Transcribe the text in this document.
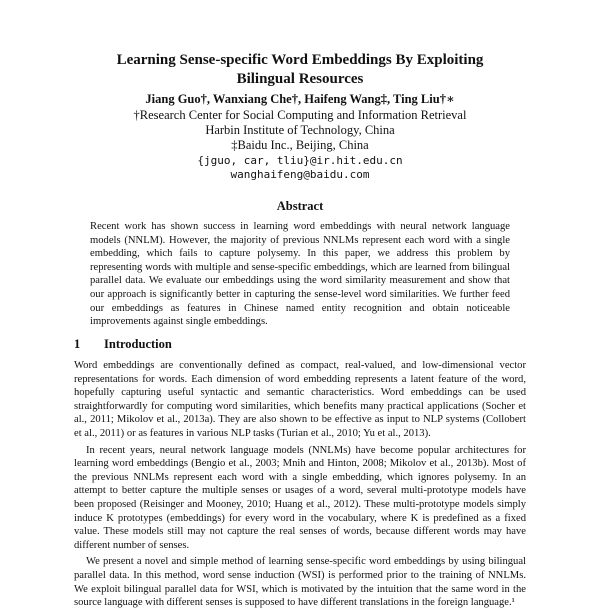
Learning Sense-specific Word Embeddings By Exploiting
Bilingual Resources
Jiang Guo†, Wanxiang Che†, Haifeng Wang‡, Ting Liu†∗
†Research Center for Social Computing and Information Retrieval
Harbin Institute of Technology, China
‡Baidu Inc., Beijing, China
{jguo, car, tliu}@ir.hit.edu.cn
wanghaifeng@baidu.com
Abstract
Recent work has shown success in learning word embeddings with neural network language models (NNLM). However, the majority of previous NNLMs represent each word with a single embedding, which fails to capture polysemy. In this paper, we address this problem by representing words with multiple and sense-specific embeddings, which are learned from bilingual parallel data. We evaluate our embeddings using the word similarity measurement and show that our approach is significantly better in capturing the sense-level word similarities. We further feed our embeddings as features in Chinese named entity recognition and obtain noticeable improvements against single embeddings.
1 Introduction

Word embeddings are conventionally defined as compact, real-valued, and low-dimensional vector representations for words. Each dimension of word embedding represents a latent feature of the word, hopefully capturing useful syntactic and semantic characteristics. Word embeddings can be used straightforwardly for computing word similarities, which benefits many practical applications (Socher et al., 2011; Mikolov et al., 2013a). They are also shown to be effective as input to NLP systems (Collobert et al., 2011) or as features in various NLP tasks (Turian et al., 2010; Yu et al., 2013).

In recent years, neural network language models (NNLMs) have become popular architectures for learning word embeddings (Bengio et al., 2003; Mnih and Hinton, 2008; Mikolov et al., 2013b). Most of the previous NNLMs represent each word with a single embedding, which ignores polysemy. In an attempt to better capture the multiple senses or usages of a word, several multi-prototype models have been proposed (Reisinger and Mooney, 2010; Huang et al., 2012). These multi-prototype models simply induce K prototypes (embeddings) for every word in the vocabulary, where K is predefined as a fixed value. These models still may not capture the real senses of words, because different words may have different number of senses.

We present a novel and simple method of learning sense-specific word embeddings by using bilingual parallel data. In this method, word sense induction (WSI) is performed prior to the training of NNLMs. We exploit bilingual parallel data for WSI, which is motivated by the intuition that the same word in the source language with different senses is supposed to have different translations in the foreign language.¹
